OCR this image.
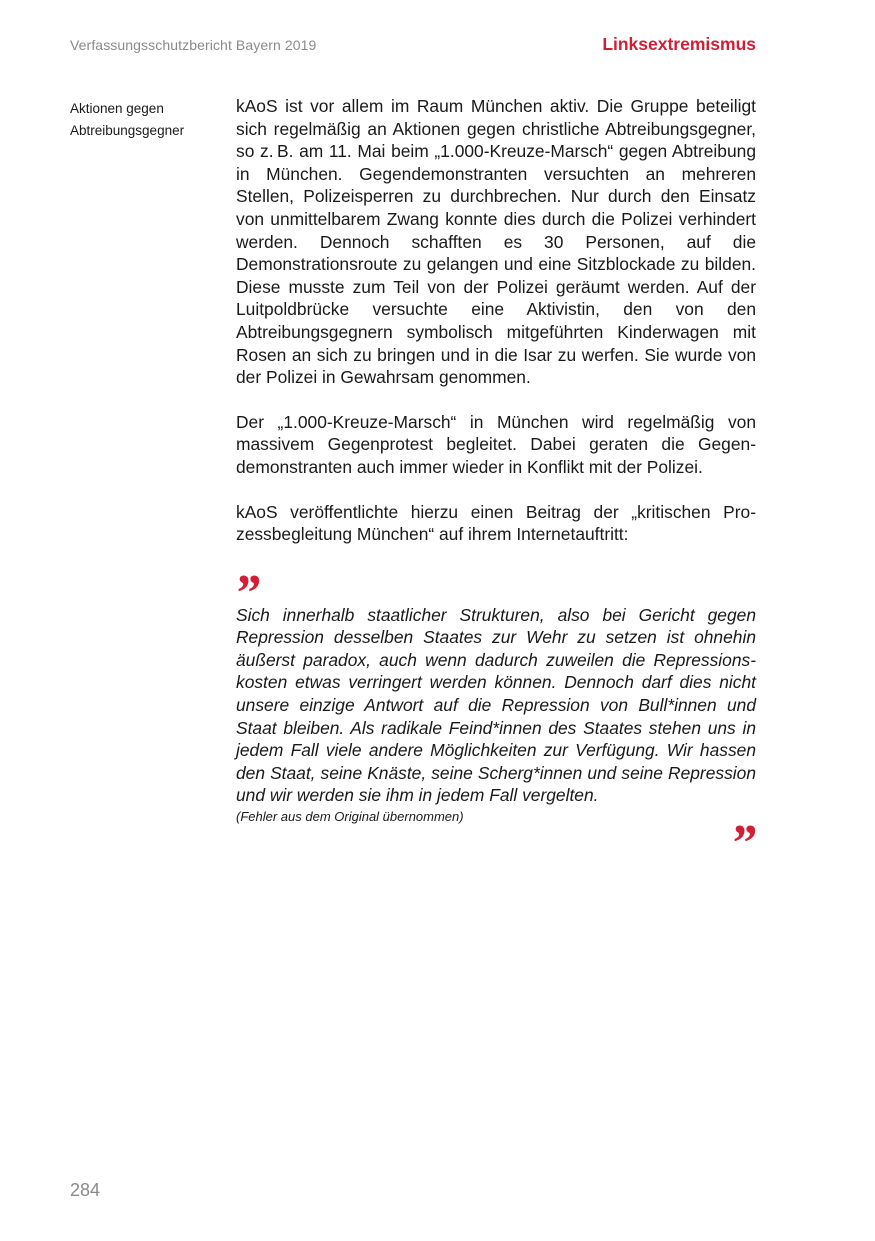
Verfassungsschutzbericht Bayern 2019	Linksextremismus
Aktionen gegen
Abtreibungsgegner

kAoS ist vor allem im Raum München aktiv. Die Gruppe beteiligt sich regelmäßig an Aktionen gegen christliche Abtreibungsgegner, so z. B. am 11. Mai beim „1.000-Kreuze-Marsch“ gegen Abtreibung in München. Gegendemonstranten versuchten an mehreren Stellen, Polizeisperren zu durchbrechen. Nur durch den Einsatz von unmittelbarem Zwang konnte dies durch die Polizei verhindert werden. Dennoch schafften es 30 Personen, auf die Demonstrationsroute zu gelangen und eine Sitzblockade zu bilden. Diese musste zum Teil von der Polizei geräumt werden. Auf der Luitpoldbrücke versuchte eine Aktivistin, den von den Abtreibungsgegnern symbolisch mitgeführten Kinderwagen mit Rosen an sich zu bringen und in die Isar zu werfen. Sie wurde von der Polizei in Gewahrsam genommen.

Der „1.000-Kreuze-Marsch“ in München wird regelmäßig von massivem Gegenprotest begleitet. Dabei geraten die Gegendemonstranten auch immer wieder in Konflikt mit der Polizei.

kAoS veröffentlichte hierzu einen Beitrag der „kritischen Prozessbegleitung München“ auf ihrem Internetauftritt:

”

Sich innerhalb staatlicher Strukturen, also bei Gericht gegen Repression desselben Staates zur Wehr zu setzen ist ohnehin äußerst paradox, auch wenn dadurch zuweilen die Repressionskosten etwas verringert werden können. Dennoch darf dies nicht unsere einzige Antwort auf die Repression von Bull*innen und Staat bleiben. Als radikale Feind*innen des Staates stehen uns in jedem Fall viele andere Möglichkeiten zur Verfügung. Wir hassen den Staat, seine Knäste, seine Scherg*innen und seine Repression und wir werden sie ihm in jedem Fall vergelten.

(Fehler aus dem Original übernommen)	”
284
